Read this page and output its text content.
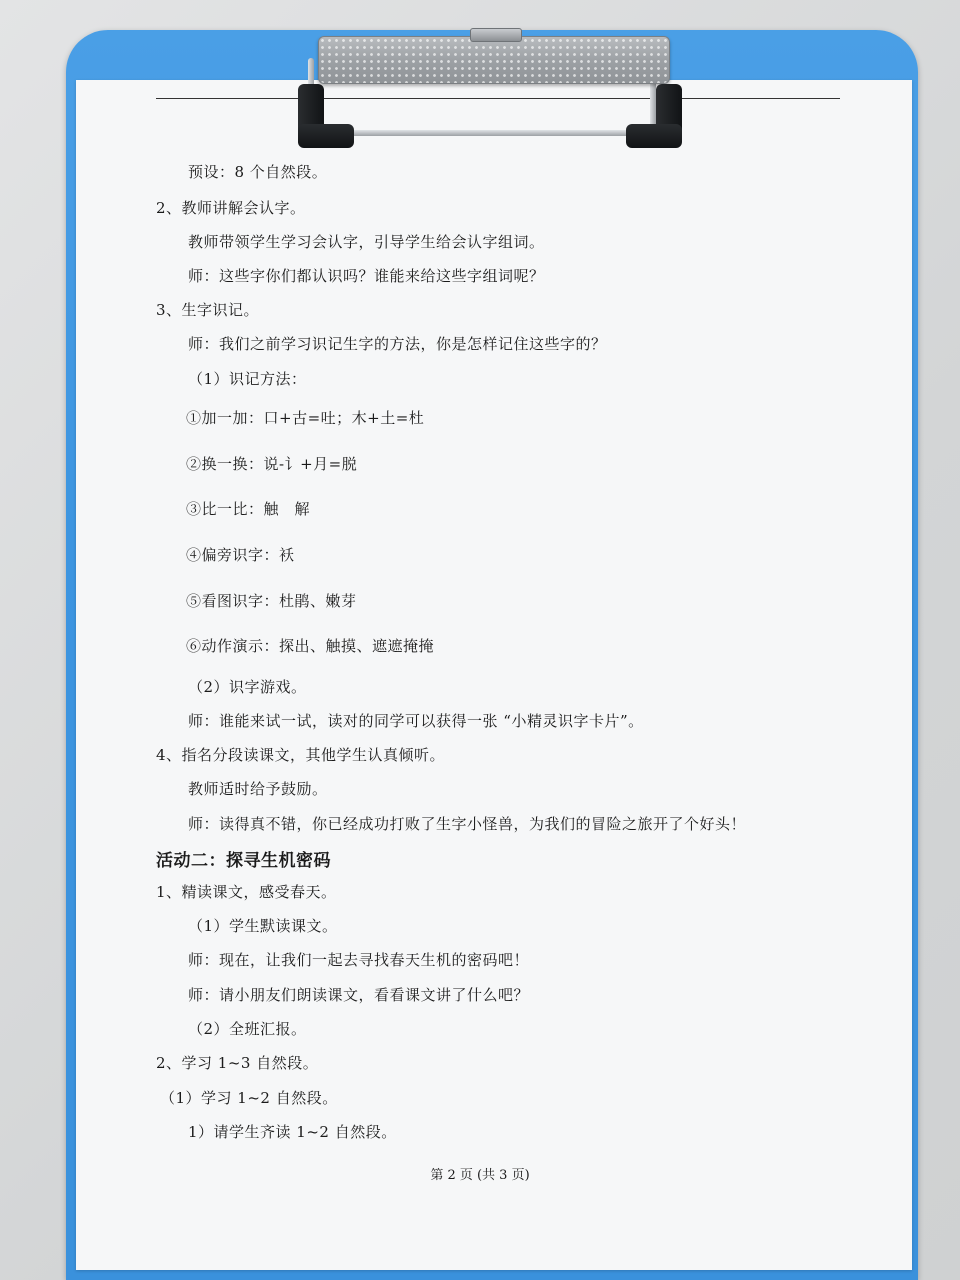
预设：8 个自然段。
2、教师讲解会认字。
教师带领学生学习会认字，引导学生给会认字组词。
师：这些字你们都认识吗？谁能来给这些字组词呢？
3、生字识记。
师：我们之前学习识记生字的方法，你是怎样记住这些字的？
（1）识记方法：
①加一加：口+古=吐；木+土=杜
②换一换：说-讠+月=脱
③比一比：触　解
④偏旁识字：袄
⑤看图识字：杜鹃、嫩芽
⑥动作演示：探出、触摸、遮遮掩掩
（2）识字游戏。
师：谁能来试一试，读对的同学可以获得一张 “小精灵识字卡片”。
4、指名分段读课文，其他学生认真倾听。
教师适时给予鼓励。
师：读得真不错，你已经成功打败了生字小怪兽，为我们的冒险之旅开了个好头！
活动二：探寻生机密码
1、精读课文，感受春天。
（1）学生默读课文。
师：现在，让我们一起去寻找春天生机的密码吧！
师：请小朋友们朗读课文，看看课文讲了什么吧？
（2）全班汇报。
2、学习 1~3 自然段。
（1）学习 1~2 自然段。
1）请学生齐读 1~2 自然段。
第 2 页 (共 3 页)
